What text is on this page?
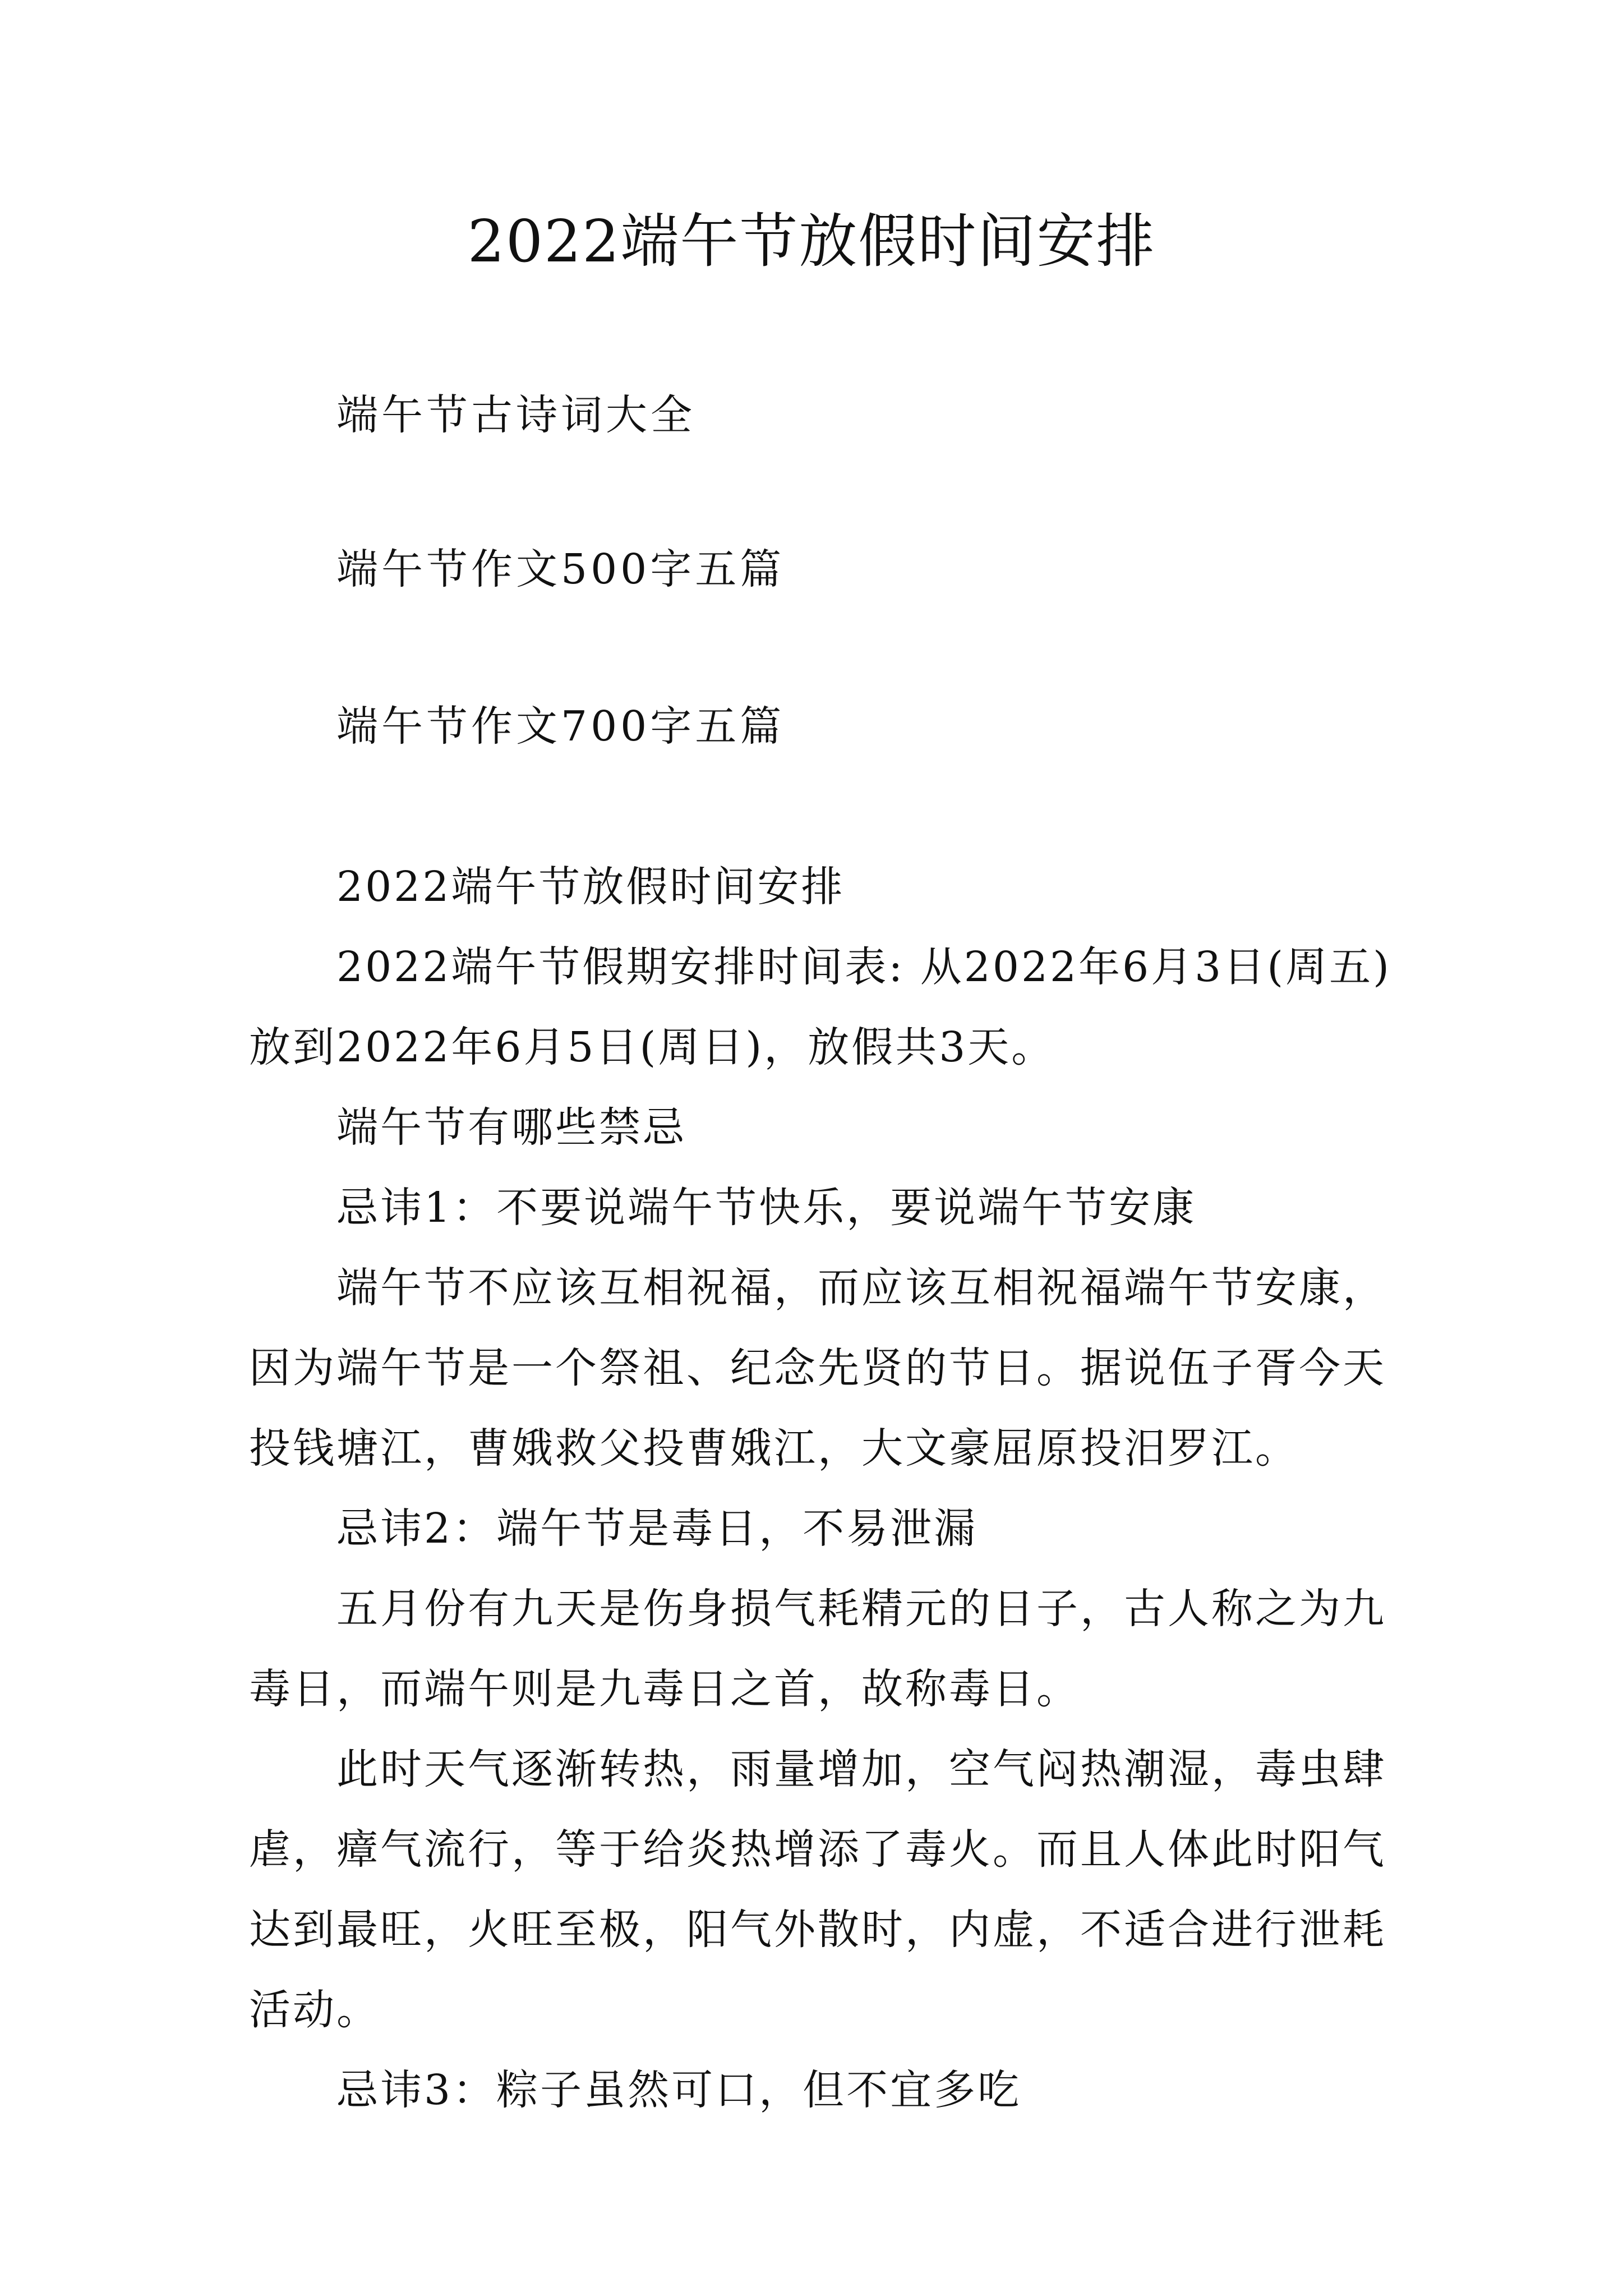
2022端午节放假时间安排

端午节古诗词大全

端午节作文500字五篇

端午节作文700字五篇

2022端午节放假时间安排

2022端午节假期安排时间表: 从2022年6月3日(周五)放到2022年6月5日(周日)，放假共3天。

端午节有哪些禁忌

忌讳1：不要说端午节快乐，要说端午节安康

端午节不应该互相祝福，而应该互相祝福端午节安康，因为端午节是一个祭祖、纪念先贤的节日。据说伍子胥今天投钱塘江，曹娥救父投曹娥江，大文豪屈原投汨罗江。

忌讳2：端午节是毒日，不易泄漏

五月份有九天是伤身损气耗精元的日子，古人称之为九毒日，而端午则是九毒日之首，故称毒日。

此时天气逐渐转热，雨量增加，空气闷热潮湿，毒虫肆虐，瘴气流行，等于给炎热增添了毒火。而且人体此时阳气达到最旺，火旺至极，阳气外散时，内虚，不适合进行泄耗活动。

忌讳3：粽子虽然可口，但不宜多吃
